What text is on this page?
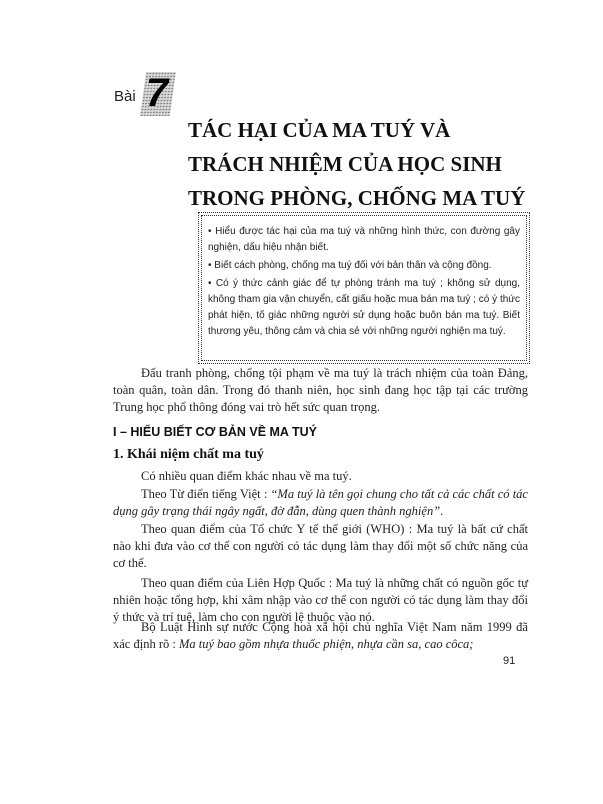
Bài 7
TÁC HẠI CỦA MA TUÝ VÀ
TRÁCH NHIỆM CỦA HỌC SINH
TRONG PHÒNG, CHỐNG MA TUÝ

• Hiểu được tác hại của ma tuý và những hình thức, con đường gây nghiện, dấu hiệu nhận biết.

• Biết cách phòng, chống ma tuý đối với bản thân và cộng đồng.

• Có ý thức cảnh giác để tự phòng tránh ma tuý ; không sử dụng, không tham gia vận chuyển, cất giấu hoặc mua bán ma tuý ; có ý thức phát hiện, tố giác những người sử dụng hoặc buôn bán ma tuý. Biết thương yêu, thông cảm và chia sẻ với những người nghiện ma tuý.

Đấu tranh phòng, chống tội phạm về ma tuý là trách nhiệm của toàn Đảng, toàn quân, toàn dân. Trong đó thanh niên, học sinh đang học tập tại các trường Trung học phổ thông đóng vai trò hết sức quan trọng.
I – HIỂU BIẾT CƠ BẢN VỀ MA TUÝ
1. Khái niệm chất ma tuý
Có nhiều quan điểm khác nhau về ma tuý.
Theo Từ điển tiếng Việt : “Ma tuý là tên gọi chung cho tất cả các chất có tác dụng gây trạng thái ngây ngất, đờ đẫn, dùng quen thành nghiện”.
Theo quan điểm của Tổ chức Y tế thế giới (WHO) : Ma tuý là bất cứ chất nào khi đưa vào cơ thể con người có tác dụng làm thay đổi một số chức năng của cơ thể.
Theo quan điểm của Liên Hợp Quốc : Ma tuý là những chất có nguồn gốc tự nhiên hoặc tổng hợp, khi xâm nhập vào cơ thể con người có tác dụng làm thay đổi ý thức và trí tuệ, làm cho con người lệ thuộc vào nó.
Bộ Luật Hình sự nước Cộng hoà xã hội chủ nghĩa Việt Nam năm 1999 đã xác định rõ : Ma tuý bao gồm nhựa thuốc phiện, nhựa cần sa, cao côca;
91
